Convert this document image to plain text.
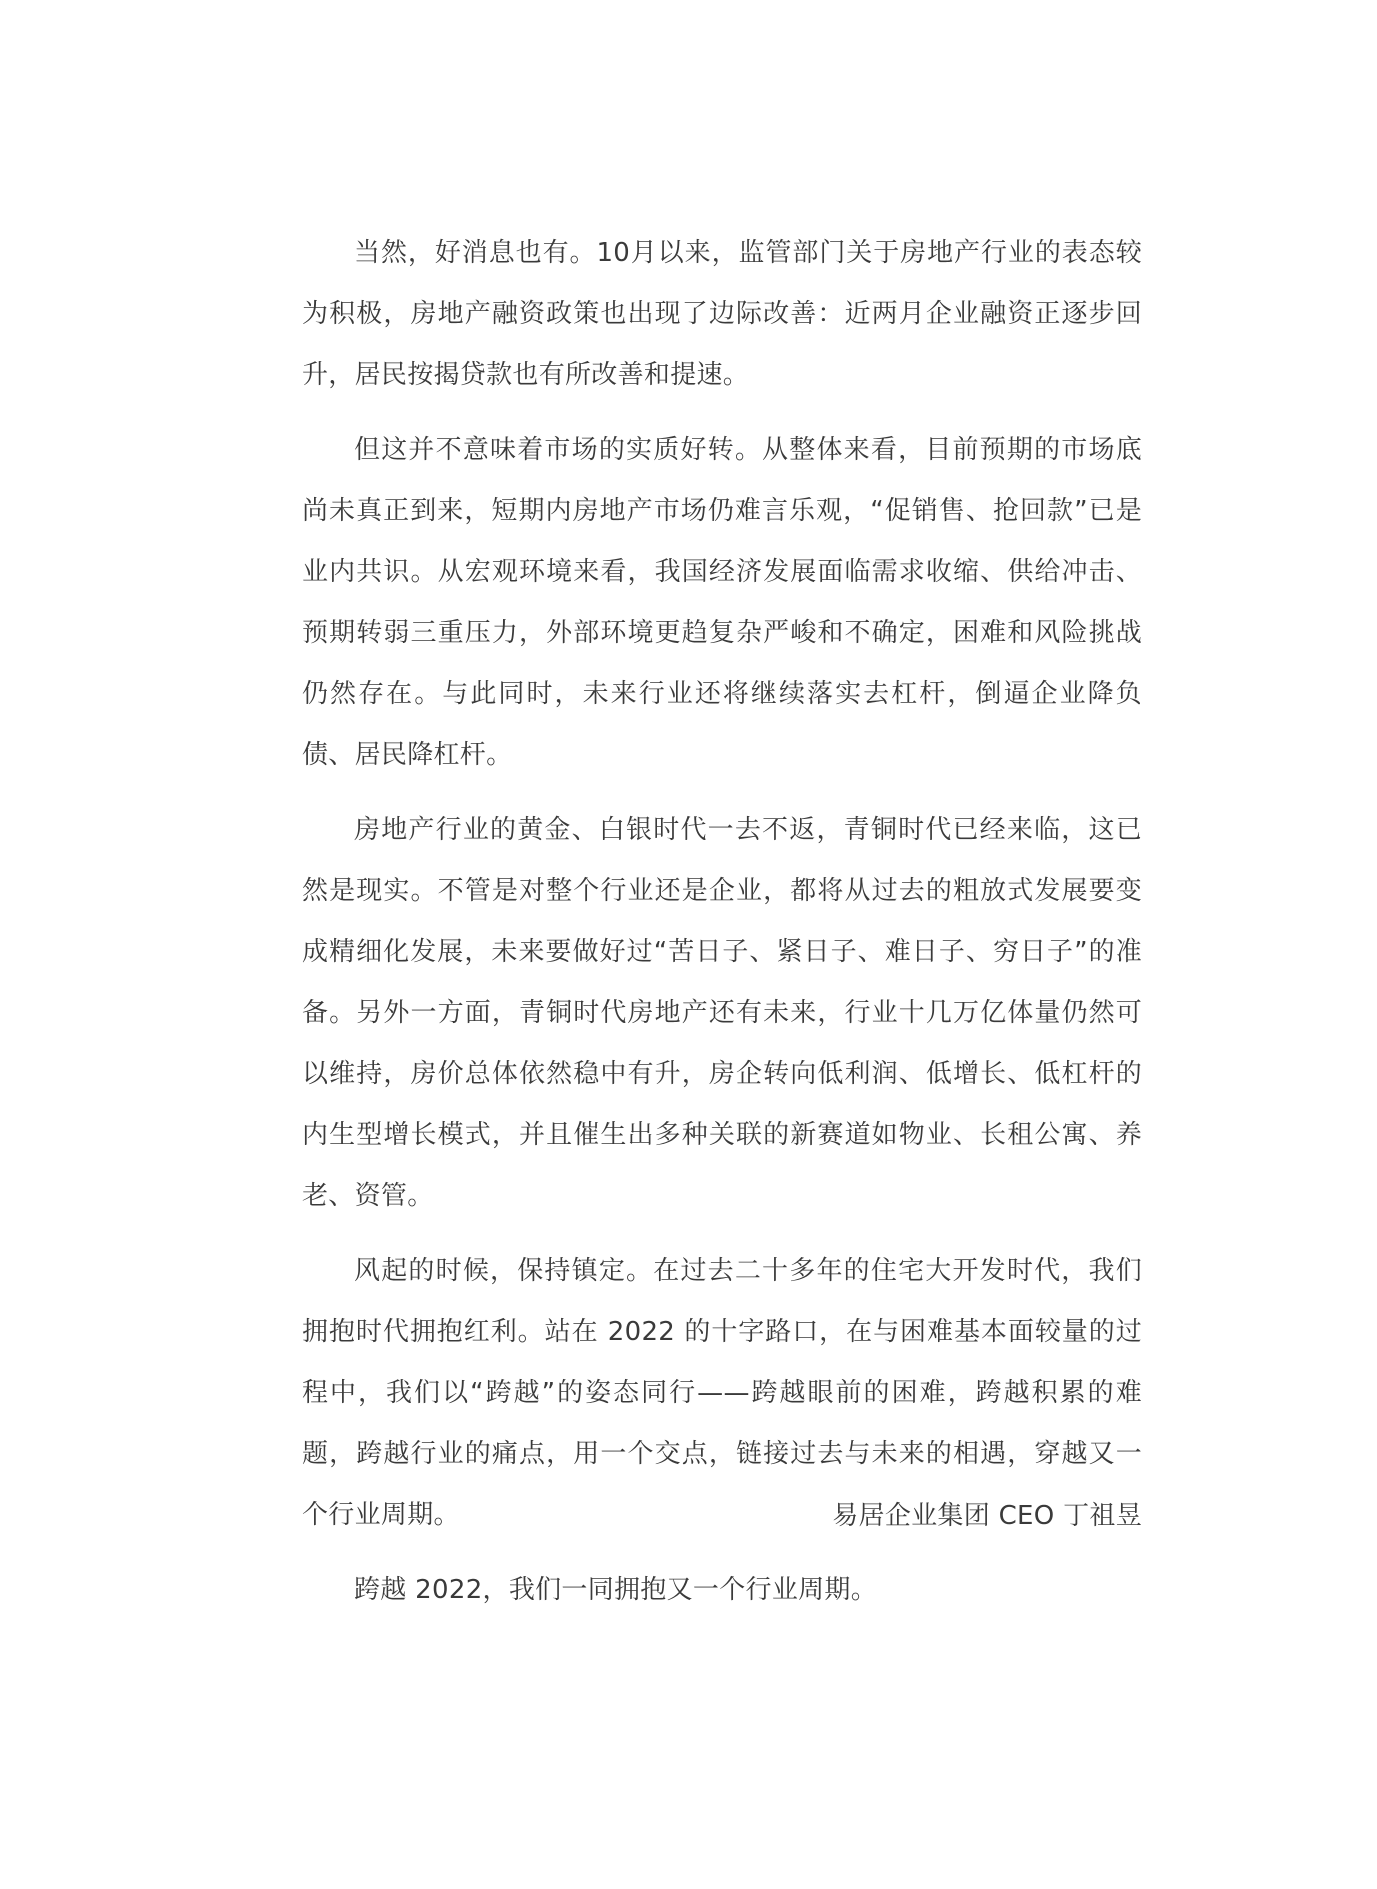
当然，好消息也有。10月以来，监管部门关于房地产行业的表态较为积极，房地产融资政策也出现了边际改善：近两月企业融资正逐步回升，居民按揭贷款也有所改善和提速。

但这并不意味着市场的实质好转。从整体来看，目前预期的市场底尚未真正到来，短期内房地产市场仍难言乐观，“促销售、抢回款”已是业内共识。从宏观环境来看，我国经济发展面临需求收缩、供给冲击、预期转弱三重压力，外部环境更趋复杂严峻和不确定，困难和风险挑战仍然存在。与此同时，未来行业还将继续落实去杠杆，倒逼企业降负债、居民降杠杆。

房地产行业的黄金、白银时代一去不返，青铜时代已经来临，这已然是现实。不管是对整个行业还是企业，都将从过去的粗放式发展要变成精细化发展，未来要做好过“苦日子、紧日子、难日子、穷日子”的准备。另外一方面，青铜时代房地产还有未来，行业十几万亿体量仍然可以维持，房价总体依然稳中有升，房企转向低利润、低增长、低杠杆的内生型增长模式，并且催生出多种关联的新赛道如物业、长租公寓、养老、资管。

风起的时候，保持镇定。在过去二十多年的住宅大开发时代，我们拥抱时代拥抱红利。站在 2022 的十字路口，在与困难基本面较量的过程中，我们以“跨越”的姿态同行——跨越眼前的困难，跨越积累的难题，跨越行业的痛点，用一个交点，链接过去与未来的相遇，穿越又一个行业周期。

跨越 2022，我们一同拥抱又一个行业周期。

易居企业集团 CEO 丁祖昱
